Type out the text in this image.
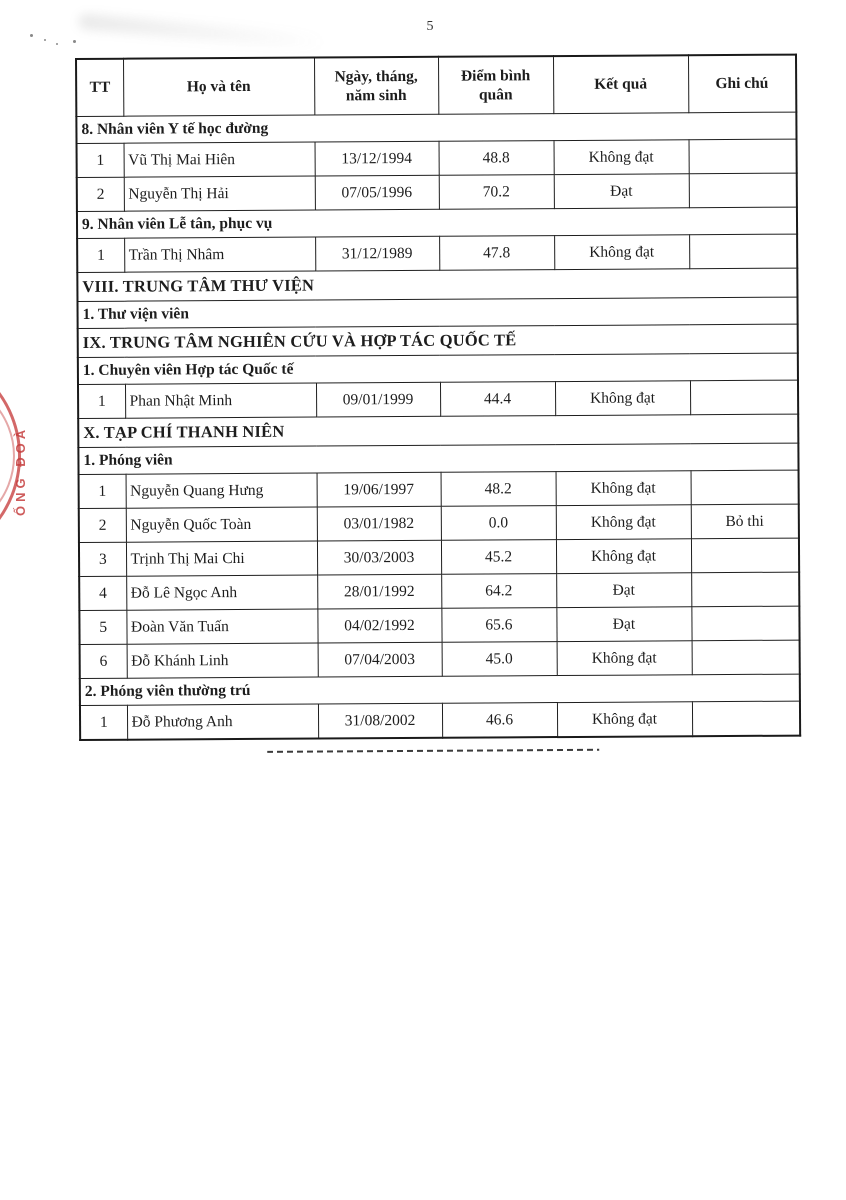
5
ỐNG ĐOÀ
TT	Họ và tên	Ngày, tháng, năm sinh	Điểm bình quân	Kết quả	Ghi chú
8. Nhân viên Y tế học đường					
1	Vũ Thị Mai Hiên	13/12/1994	48.8	Không đạt	
2	Nguyễn Thị Hải	07/05/1996	70.2	Đạt	
9. Nhân viên Lễ tân, phục vụ					
1	Trần Thị Nhâm	31/12/1989	47.8	Không đạt	
VIII. TRUNG TÂM THƯ VIỆN					
1. Thư viện viên					
IX. TRUNG TÂM NGHIÊN CỨU VÀ HỢP TÁC QUỐC TẾ					
1. Chuyên viên Hợp tác Quốc tế					
1	Phan Nhật Minh	09/01/1999	44.4	Không đạt	
X. TẠP CHÍ THANH NIÊN					
1. Phóng viên					
1	Nguyễn Quang Hưng	19/06/1997	48.2	Không đạt	
2	Nguyễn Quốc Toàn	03/01/1982	0.0	Không đạt	Bỏ thi
3	Trịnh Thị Mai Chi	30/03/2003	45.2	Không đạt	
4	Đỗ Lê Ngọc Anh	28/01/1992	64.2	Đạt	
5	Đoàn Văn Tuấn	04/02/1992	65.6	Đạt	
6	Đỗ Khánh Linh	07/04/2003	45.0	Không đạt	
2. Phóng viên thường trú					
1	Đỗ Phương Anh	31/08/2002	46.6	Không đạt	
